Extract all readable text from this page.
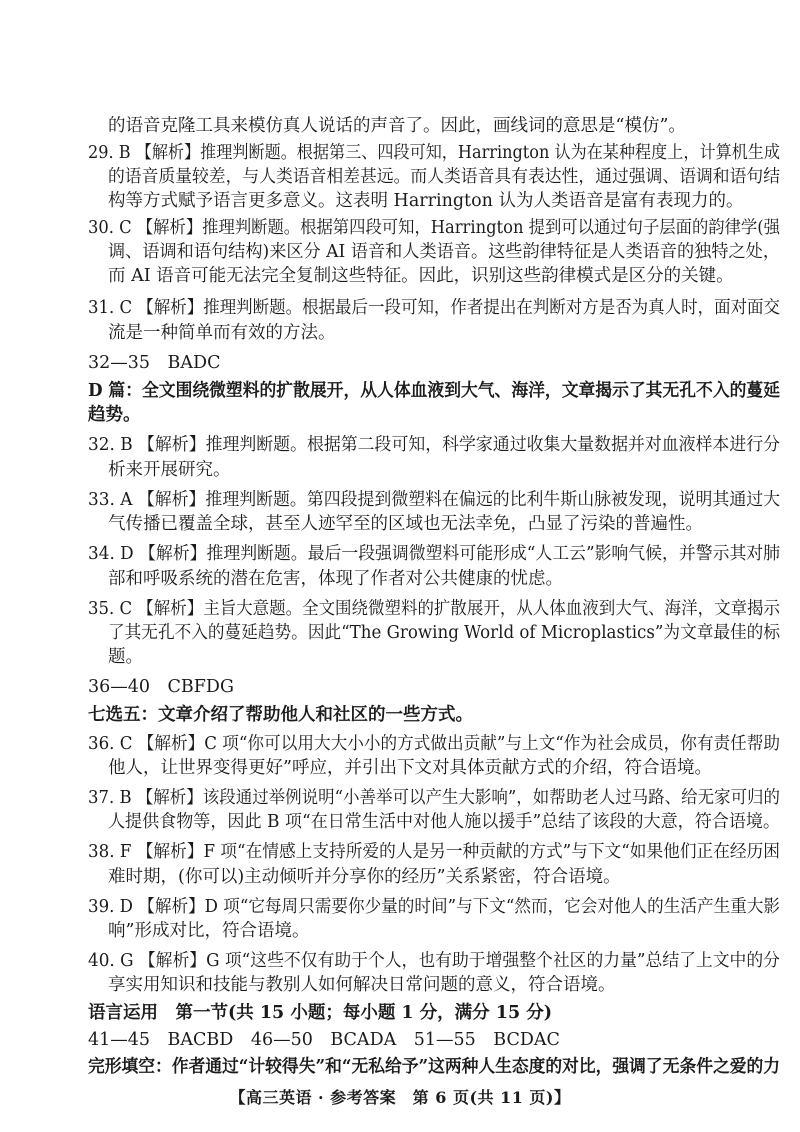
的语音克隆工具来模仿真人说话的声音了。因此，画线词的意思是“模仿”。
29. B 【解析】推理判断题。根据第三、四段可知，Harrington 认为在某种程度上，计算机生成
的语音质量较差，与人类语音相差甚远。而人类语音具有表达性，通过强调、语调和语句结
构等方式赋予语言更多意义。这表明 Harrington 认为人类语音是富有表现力的。
30. C 【解析】推理判断题。根据第四段可知，Harrington 提到可以通过句子层面的韵律学(强
调、语调和语句结构)来区分 AI 语音和人类语音。这些韵律特征是人类语音的独特之处，
而 AI 语音可能无法完全复制这些特征。因此，识别这些韵律模式是区分的关键。
31. C 【解析】推理判断题。根据最后一段可知，作者提出在判断对方是否为真人时，面对面交
流是一种简单而有效的方法。
32—35　BADC
D 篇：全文围绕微塑料的扩散展开，从人体血液到大气、海洋，文章揭示了其无孔不入的蔓延
趋势。
32. B 【解析】推理判断题。根据第二段可知，科学家通过收集大量数据并对血液样本进行分
析来开展研究。
33. A 【解析】推理判断题。第四段提到微塑料在偏远的比利牛斯山脉被发现，说明其通过大
气传播已覆盖全球，甚至人迹罕至的区域也无法幸免，凸显了污染的普遍性。
34. D 【解析】推理判断题。最后一段强调微塑料可能形成“人工云”影响气候，并警示其对肺
部和呼吸系统的潜在危害，体现了作者对公共健康的忧虑。
35. C 【解析】主旨大意题。全文围绕微塑料的扩散展开，从人体血液到大气、海洋，文章揭示
了其无孔不入的蔓延趋势。因此“The Growing World of Microplastics”为文章最佳的标
题。
36—40　CBFDG
七选五：文章介绍了帮助他人和社区的一些方式。
36. C 【解析】C 项“你可以用大大小小的方式做出贡献”与上文“作为社会成员，你有责任帮助
他人，让世界变得更好”呼应，并引出下文对具体贡献方式的介绍，符合语境。
37. B 【解析】该段通过举例说明“小善举可以产生大影响”，如帮助老人过马路、给无家可归的
人提供食物等，因此 B 项“在日常生活中对他人施以援手”总结了该段的大意，符合语境。
38. F 【解析】F 项“在情感上支持所爱的人是另一种贡献的方式”与下文“如果他们正在经历困
难时期，(你可以)主动倾听并分享你的经历”关系紧密，符合语境。
39. D 【解析】D 项“它每周只需要你少量的时间”与下文“然而，它会对他人的生活产生重大影
响”形成对比，符合语境。
40. G 【解析】G 项“这些不仅有助于个人，也有助于增强整个社区的力量”总结了上文中的分
享实用知识和技能与教别人如何解决日常问题的意义，符合语境。
语言运用　第一节(共 15 小题；每小题 1 分，满分 15 分)
41—45　BACBD　46—50　BCADA　51—55　BCDAC
完形填空：作者通过“计较得失”和“无私给予”这两种人生态度的对比，强调了无条件之爱的力
【高三英语 · 参考答案　第 6 页(共 11 页)】
